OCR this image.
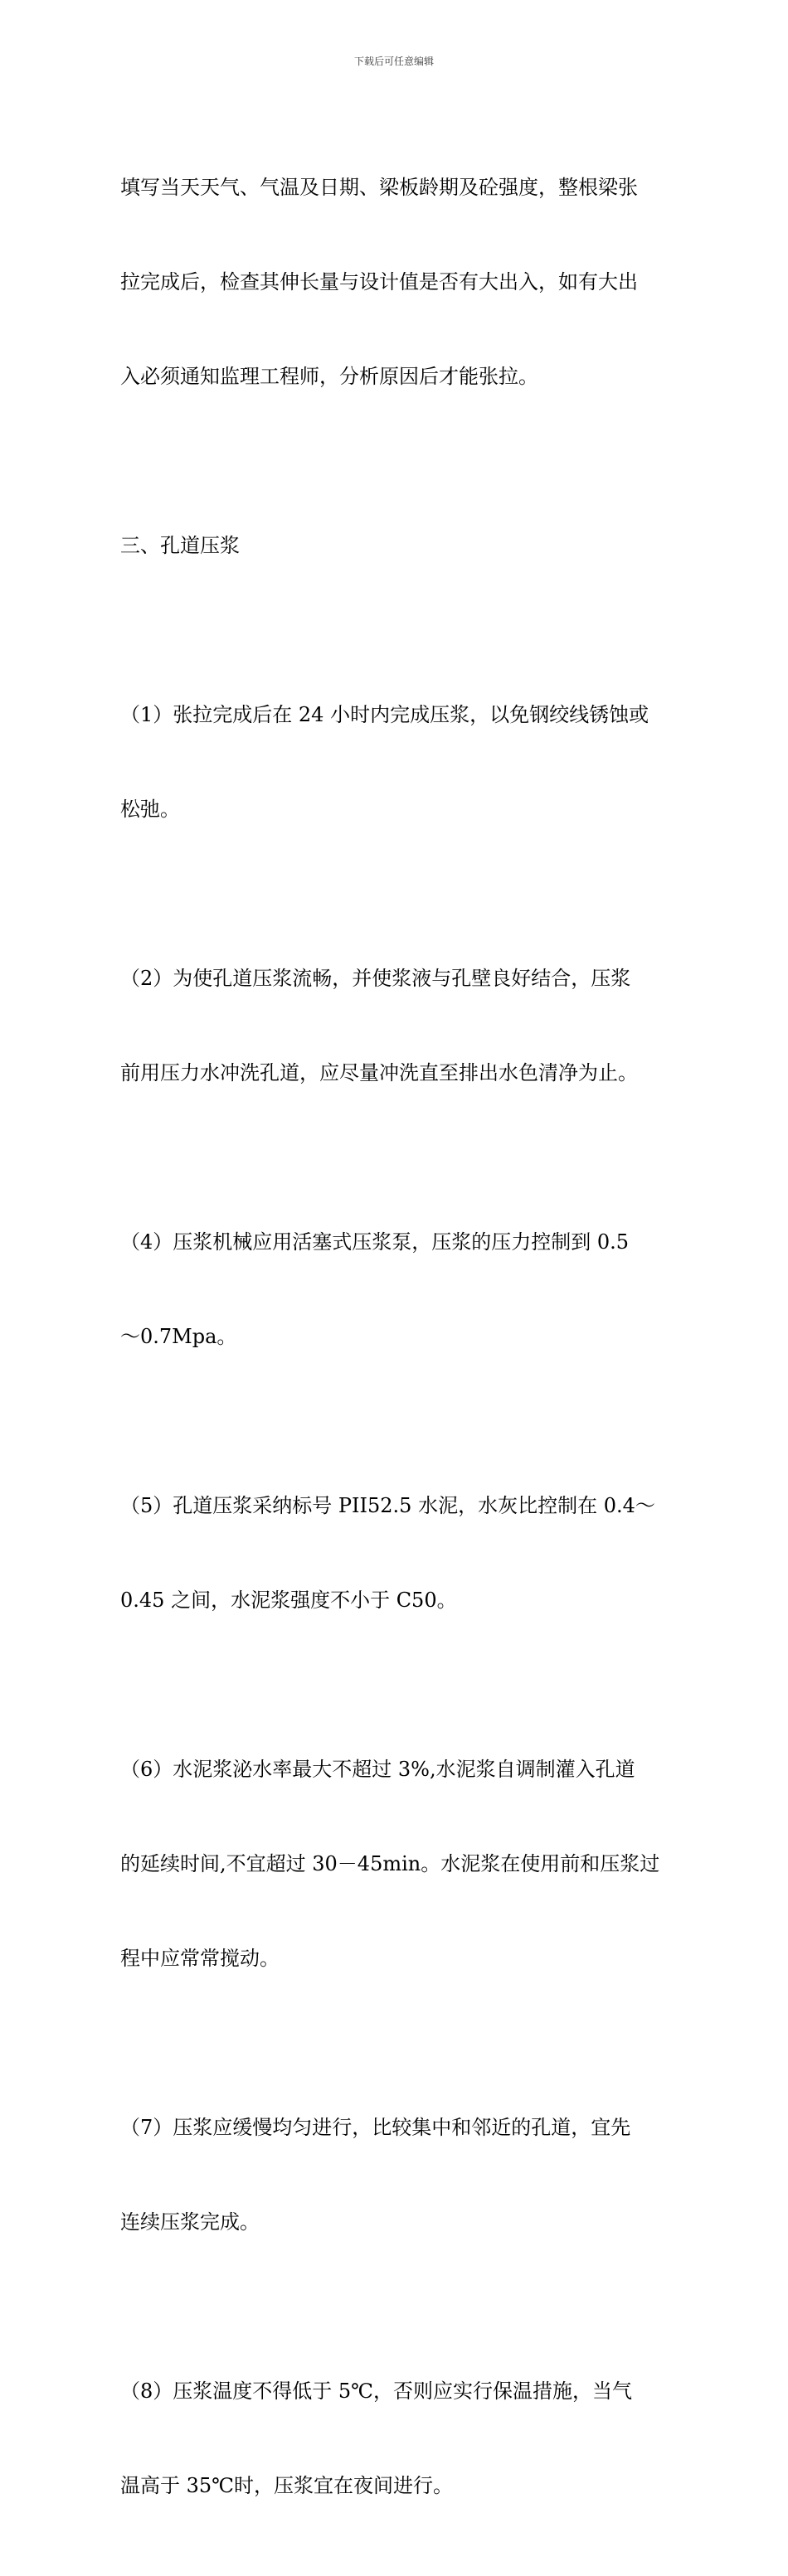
下载后可任意编辑

填写当天天气、气温及日期、梁板龄期及砼强度，整根梁张

拉完成后，检查其伸长量与设计值是否有大出入，如有大出

入必须通知监理工程师，分析原因后才能张拉。

三、孔道压浆

（1）张拉完成后在 24 小时内完成压浆，以免钢绞线锈蚀或

松弛。

（2）为使孔道压浆流畅，并使浆液与孔壁良好结合，压浆

前用压力水冲洗孔道，应尽量冲洗直至排出水色清净为止。

（4）压浆机械应用活塞式压浆泵，压浆的压力控制到 0.5

～0.7Mpa。

（5）孔道压浆采纳标号 PII52.5 水泥，水灰比控制在 0.4～

0.45 之间，水泥浆强度不小于 C50。

（6）水泥浆泌水率最大不超过 3%,水泥浆自调制灌入孔道

的延续时间,不宜超过 30－45min。水泥浆在使用前和压浆过

程中应常常搅动。

（7）压浆应缓慢均匀进行，比较集中和邻近的孔道，宜先

连续压浆完成。

（8）压浆温度不得低于 5℃，否则应实行保温措施，当气

温高于 35℃时，压浆宜在夜间进行。
